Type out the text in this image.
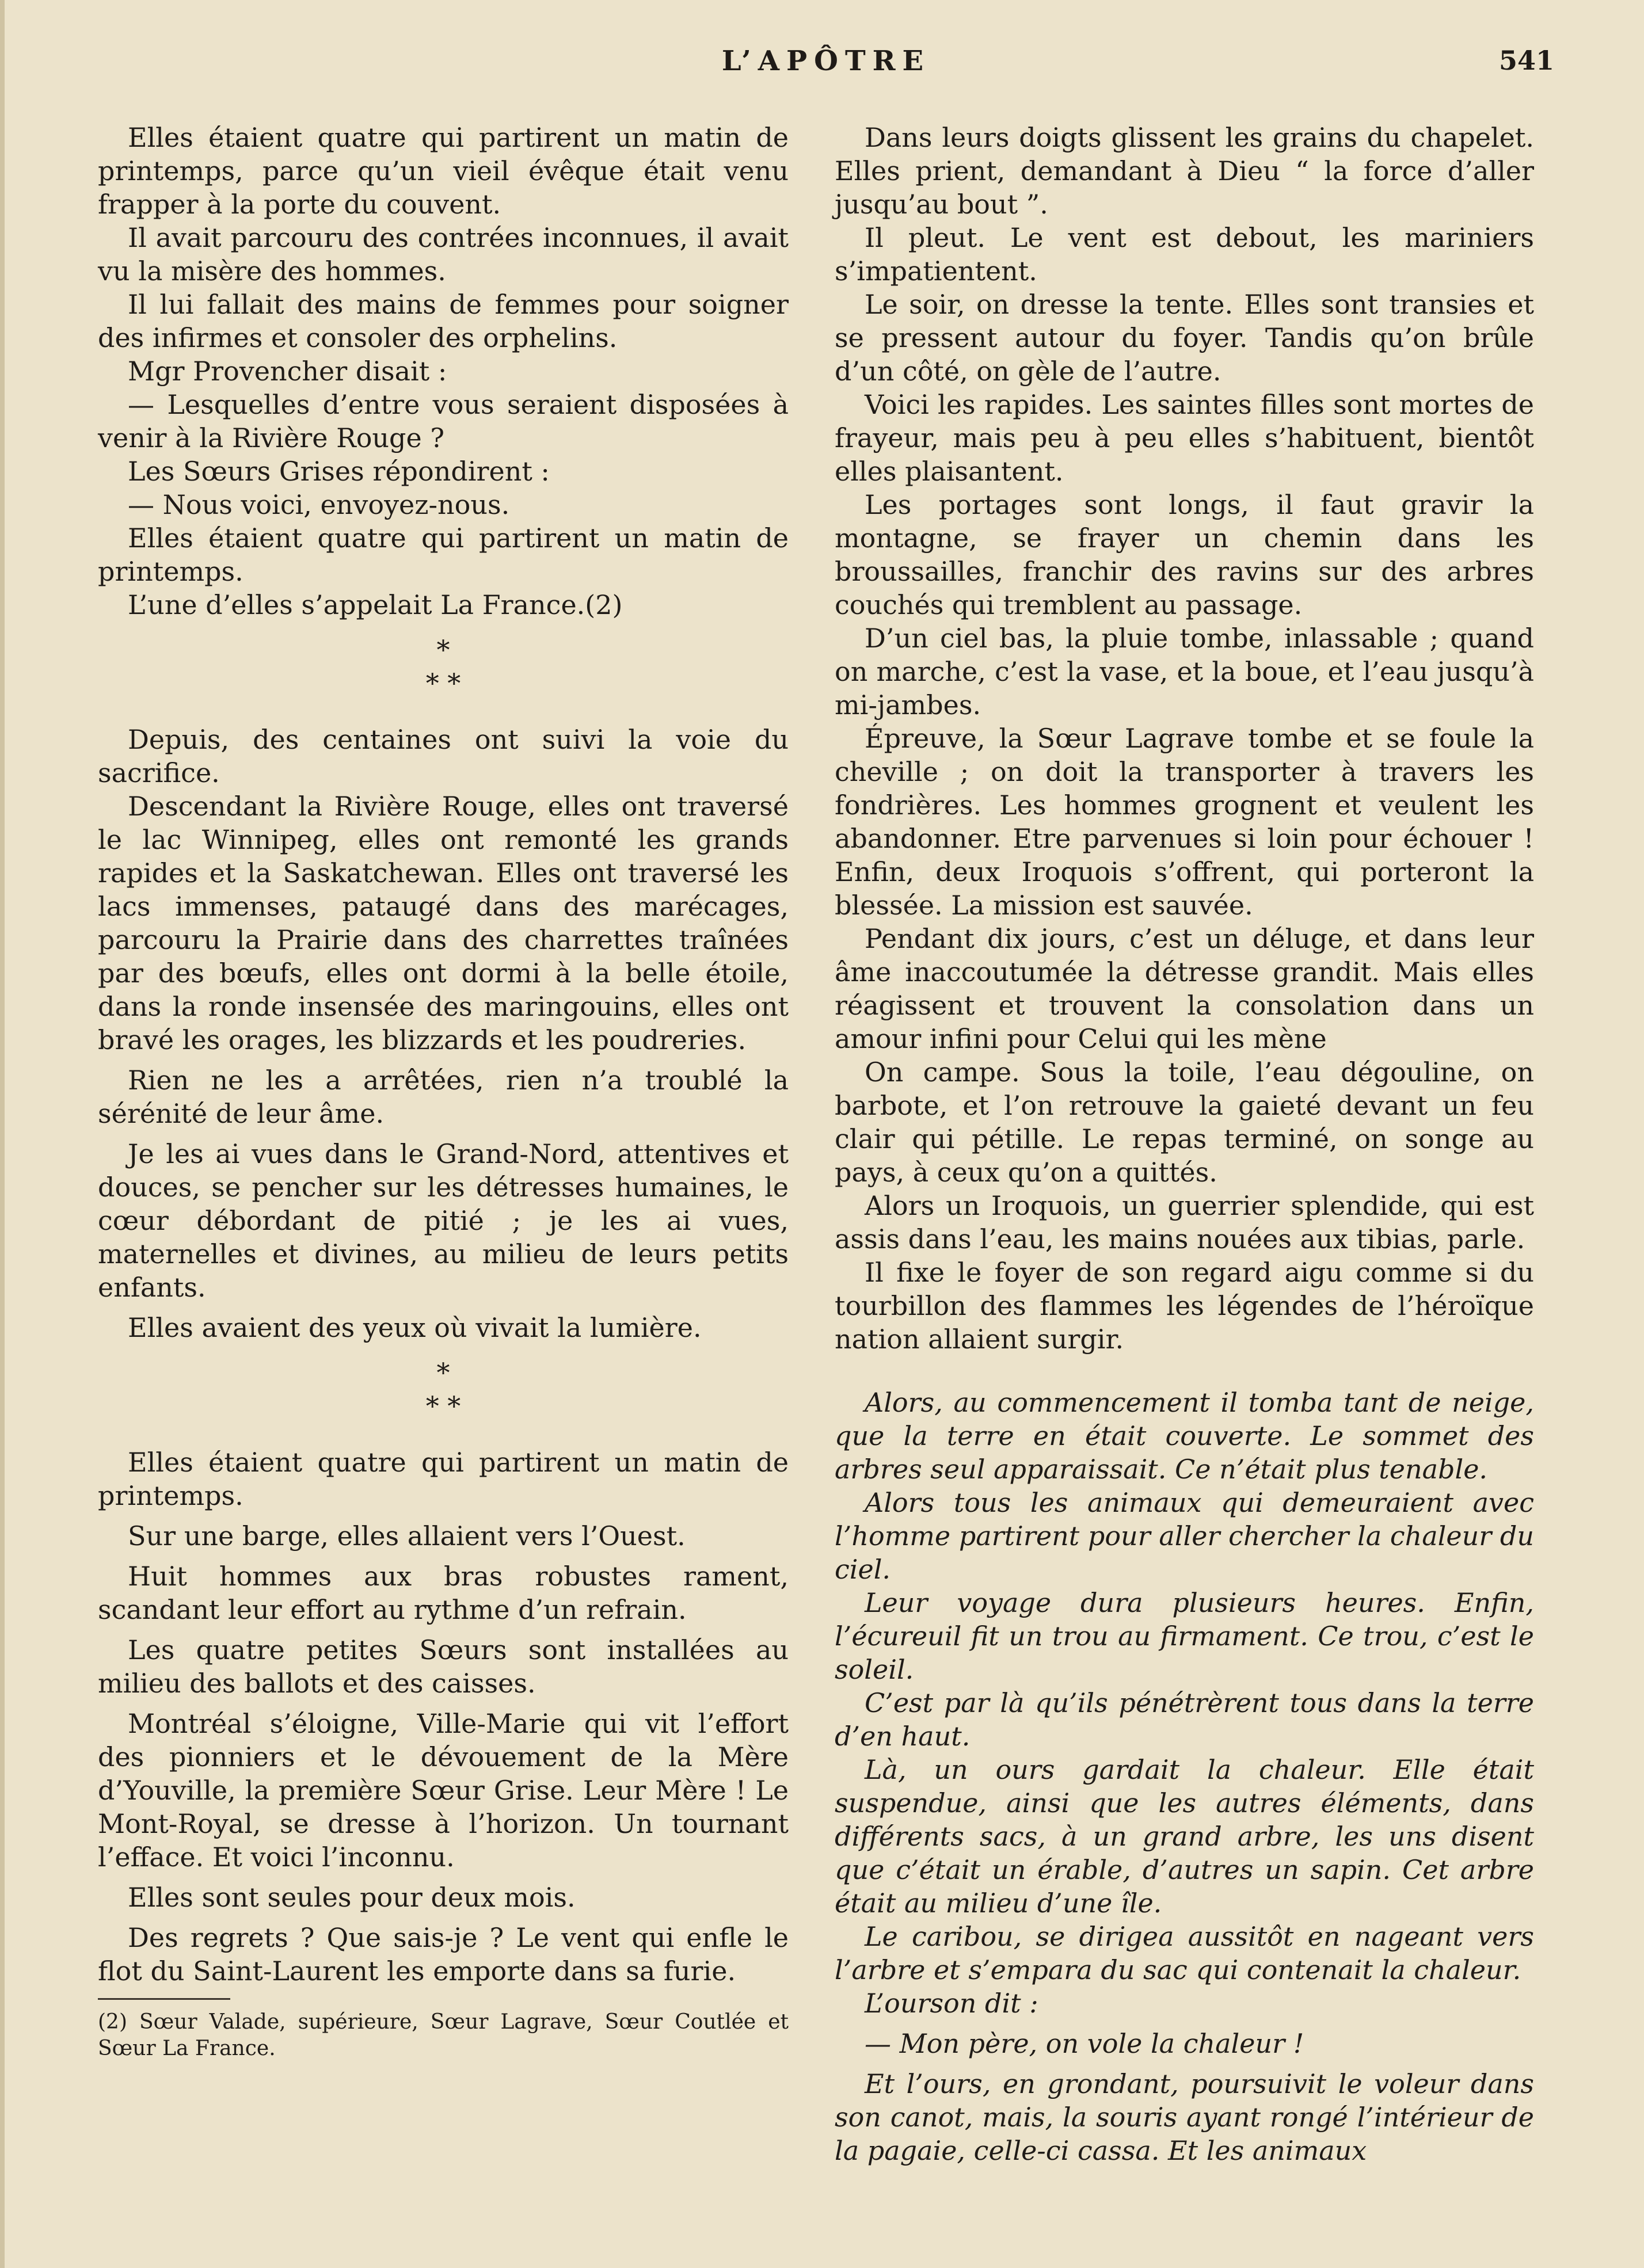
L’APÔTRE	541

Elles étaient quatre qui partirent un matin de printemps, parce qu’un vieil évêque était venu frapper à la porte du couvent.

Il avait parcouru des contrées inconnues, il avait vu la misère des hommes.

Il lui fallait des mains de femmes pour soigner des infirmes et consoler des orphelins.

Mgr Provencher disait :

— Lesquelles d’entre vous seraient disposées à venir à la Rivière Rouge ?

Les Sœurs Grises répondirent :

— Nous voici, envoyez-nous.

Elles étaient quatre qui partirent un matin de printemps.

L’une d’elles s’appelait La France.(2)

*
* *

Depuis, des centaines ont suivi la voie du sacrifice.

Descendant la Rivière Rouge, elles ont traversé le lac Winnipeg, elles ont remonté les grands rapides et la Saskatchewan. Elles ont traversé les lacs immenses, pataugé dans des marécages, parcouru la Prairie dans des charrettes traînées par des bœufs, elles ont dormi à la belle étoile, dans la ronde insensée des maringouins, elles ont bravé les orages, les blizzards et les poudreries.

Rien ne les a arrêtées, rien n’a troublé la sérénité de leur âme.

Je les ai vues dans le Grand-Nord, attentives et douces, se pencher sur les détresses humaines, le cœur débordant de pitié ; je les ai vues, maternelles et divines, au milieu de leurs petits enfants.

Elles avaient des yeux où vivait la lumière.

*
* *

Elles étaient quatre qui partirent un matin de printemps.

Sur une barge, elles allaient vers l’Ouest.

Huit hommes aux bras robustes rament, scandant leur effort au rythme d’un refrain.

Les quatre petites Sœurs sont installées au milieu des ballots et des caisses.

Montréal s’éloigne, Ville-Marie qui vit l’effort des pionniers et le dévouement de la Mère d’Youville, la première Sœur Grise. Leur Mère ! Le Mont-Royal, se dresse à l’horizon. Un tournant l’efface. Et voici l’inconnu.

Elles sont seules pour deux mois.

Des regrets ? Que sais-je ? Le vent qui enfle le flot du Saint-Laurent les emporte dans sa furie.

(2) Sœur Valade, supérieure, Sœur Lagrave, Sœur Coutlée et Sœur La France.

Dans leurs doigts glissent les grains du chapelet. Elles prient, demandant à Dieu “ la force d’aller jusqu’au bout ”.

Il pleut. Le vent est debout, les mariniers s’impatientent.

Le soir, on dresse la tente. Elles sont transies et se pressent autour du foyer. Tandis qu’on brûle d’un côté, on gèle de l’autre.

Voici les rapides. Les saintes filles sont mortes de frayeur, mais peu à peu elles s’habituent, bientôt elles plaisantent.

Les portages sont longs, il faut gravir la montagne, se frayer un chemin dans les broussailles, franchir des ravins sur des arbres couchés qui tremblent au passage.

D’un ciel bas, la pluie tombe, inlassable ; quand on marche, c’est la vase, et la boue, et l’eau jusqu’à mi-jambes.

Épreuve, la Sœur Lagrave tombe et se foule la cheville ; on doit la transporter à travers les fondrières. Les hommes grognent et veulent les abandonner. Etre parvenues si loin pour échouer ! Enfin, deux Iroquois s’offrent, qui porteront la blessée. La mission est sauvée.

Pendant dix jours, c’est un déluge, et dans leur âme inaccoutumée la détresse grandit. Mais elles réagissent et trouvent la consolation dans un amour infini pour Celui qui les mène

On campe. Sous la toile, l’eau dégouline, on barbote, et l’on retrouve la gaieté devant un feu clair qui pétille. Le repas terminé, on songe au pays, à ceux qu’on a quittés.

Alors un Iroquois, un guerrier splendide, qui est assis dans l’eau, les mains nouées aux tibias, parle.

Il fixe le foyer de son regard aigu comme si du tourbillon des flammes les légendes de l’héroïque nation allaient surgir.

Alors, au commencement il tomba tant de neige, que la terre en était couverte. Le sommet des arbres seul apparaissait. Ce n’était plus tenable.

Alors tous les animaux qui demeuraient avec l’homme partirent pour aller chercher la chaleur du ciel.

Leur voyage dura plusieurs heures. Enfin, l’écureuil fit un trou au firmament. Ce trou, c’est le soleil.

C’est par là qu’ils pénétrèrent tous dans la terre d’en haut.

Là, un ours gardait la chaleur. Elle était suspendue, ainsi que les autres éléments, dans différents sacs, à un grand arbre, les uns disent que c’était un érable, d’autres un sapin. Cet arbre était au milieu d’une île.

Le caribou, se dirigea aussitôt en nageant vers l’arbre et s’empara du sac qui contenait la chaleur.

L’ourson dit :

— Mon père, on vole la chaleur !

Et l’ours, en grondant, poursuivit le voleur dans son canot, mais, la souris ayant rongé l’intérieur de la pagaie, celle-ci cassa. Et les animaux
